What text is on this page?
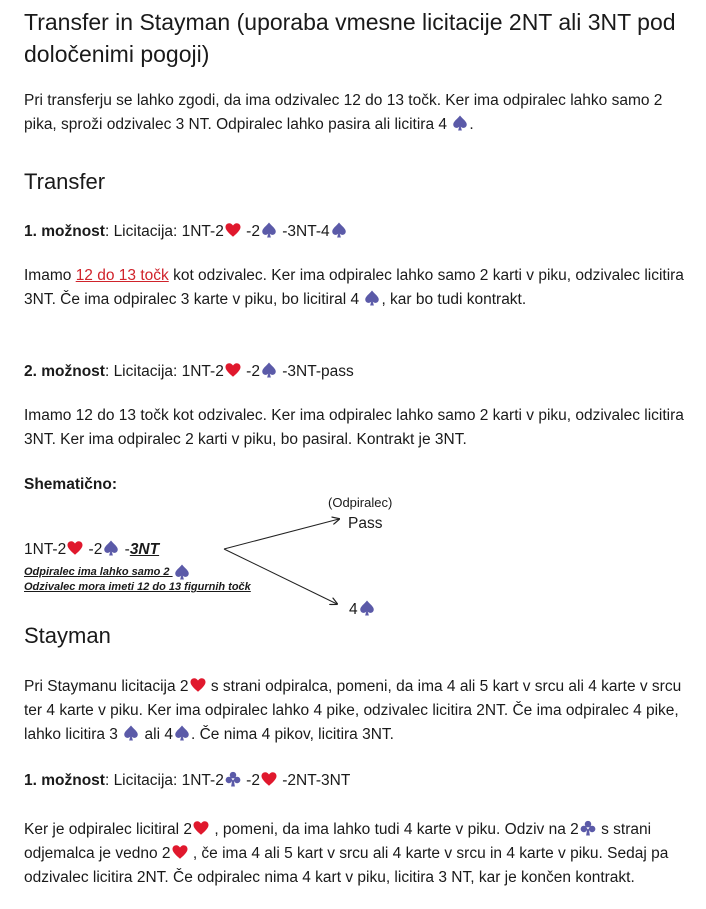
Transfer in Stayman (uporaba vmesne licitacije 2NT ali 3NT pod določenimi pogoji)

Pri transferju se lahko zgodi, da ima odzivalec 12 do 13 točk. Ker ima odpiralec lahko samo 2 pika, sproži odzivalec 3 NT. Odpiralec lahko pasira ali licitira 4 .

Transfer

1. možnost: Licitacija: 1NT-2 -2 -3NT-4

Imamo 12 do 13 točk kot odzivalec. Ker ima odpiralec lahko samo 2 karti v piku, odzivalec licitira 3NT. Če ima odpiralec 3 karte v piku, bo licitiral 4 , kar bo tudi kontrakt.

2. možnost: Licitacija: 1NT-2 -2 -3NT-pass

Imamo 12 do 13 točk kot odzivalec. Ker ima odpiralec lahko samo 2 karti v piku, odzivalec licitira 3NT. Ker ima odpiralec 2 karti v piku, bo pasiral. Kontrakt je 3NT.

Shematično:

(Odpiralec)
Pass

1NT-2 -2 -3NT

Odpiralec ima lahko samo 2
Odzivalec mora imeti 12 do 13 figurnih točk
4
Stayman

Pri Staymanu licitacija 2
s strani odpiralca, pomeni, da ima 4 ali 5 kart v srcu ali 4 karte v srcu ter 4 karte v piku. Ker ima odpiralec lahko 4 pike, odzivalec licitira 2NT. Če ima odpiralec 4 pike, lahko licitira 3
ali 4 . Če nima 4 pikov, licitira 3NT.

1. možnost: Licitacija: 1NT-2 -2 -2NT-3NT

Ker je odpiralec licitiral 2 , pomeni, da ima lahko tudi 4 karte v piku. Odziv na 2
s strani odjemalca je vedno 2 , če ima 4 ali 5 kart v srcu ali 4 karte v srcu in 4 karte v piku. Sedaj pa odzivalec licitira 2NT. Če odpiralec nima 4 kart v piku, licitira 3 NT, kar je končen kontrakt.
